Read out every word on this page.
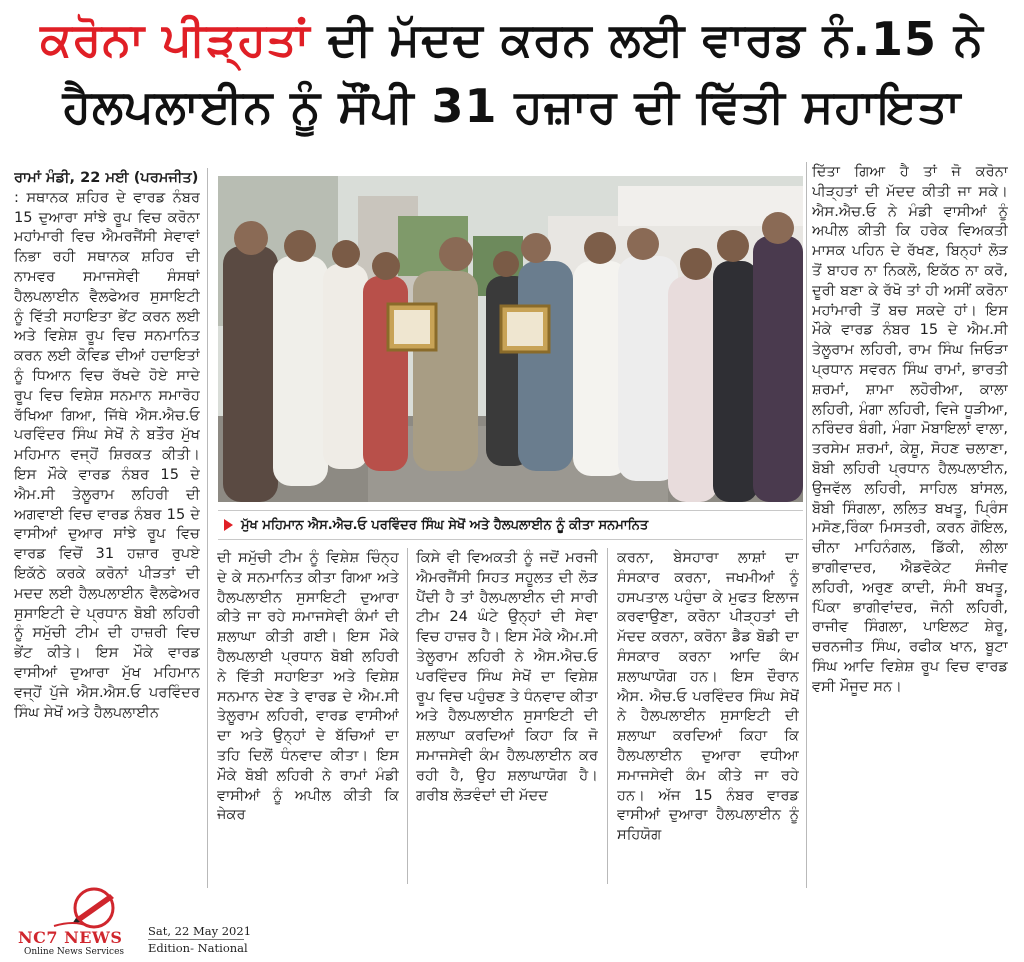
ਕਰੋਨਾ ਪੀੜ੍ਹਤਾਂ ਦੀ ਮੱਦਦ ਕਰਨ ਲਈ ਵਾਰਡ ਨੰ.15 ਨੇ
ਹੈਲਪਲਾਈਨ ਨੂੰ ਸੌਂਪੀ 31 ਹਜ਼ਾਰ ਦੀ ਵਿੱਤੀ ਸਹਾਇਤਾ
ਰਾਮਾਂ ਮੰਡੀ, 22 ਮਈ (ਪਰਮਜੀਤ)
: ਸਥਾਨਕ ਸ਼ਹਿਰ ਦੇ ਵਾਰਡ ਨੰਬਰ 15 ਦੁਆਰਾ ਸਾਂਝੇ ਰੂਪ ਵਿਚ ਕਰੋਨਾ ਮਹਾਂਮਾਰੀ ਵਿਚ ਐਮਰਜੈਂਸੀ ਸੇਵਾਵਾਂ ਨਿਭਾ ਰਹੀ ਸਥਾਨਕ ਸ਼ਹਿਰ ਦੀ ਨਾਮਵਰ ਸਮਾਜਸੇਵੀ ਸੰਸਥਾਂ ਹੈਲਪਲਾਈਨ ਵੈਲਫੇਅਰ ਸੁਸਾਇਟੀ ਨੂੰ ਵਿੱਤੀ ਸਹਾਇਤਾ ਭੇਂਟ ਕਰਨ ਲਈ ਅਤੇ ਵਿਸ਼ੇਸ਼ ਰੂਪ ਵਿਚ ਸਨਮਾਨਿਤ ਕਰਨ ਲਈ ਕੋਵਿਡ ਦੀਆਂ ਹਦਾਇਤਾਂ ਨੂੰ ਧਿਆਨ ਵਿਚ ਰੱਖਦੇ ਹੋਏ ਸਾਦੇ ਰੂਪ ਵਿਚ ਵਿਸ਼ੇਸ਼ ਸਨਮਾਨ ਸਮਾਰੋਹ ਰੱਖਿਆ ਗਿਆ, ਜਿੱਥੇ ਐਸ.ਐਚ.ਓ ਪਰਵਿੰਦਰ ਸਿੰਘ ਸੇਖੋਂ ਨੇ ਬਤੌਰ ਮੁੱਖ ਮਹਿਮਾਨ ਵਜ੍ਹੋਂ ਸ਼ਿਰਕਤ ਕੀਤੀ। ਇਸ ਮੌਕੇ ਵਾਰਡ ਨੰਬਰ 15 ਦੇ ਐਮ.ਸੀ ਤੇਲੂਰਾਮ ਲਹਿਰੀ ਦੀ ਅਗਵਾਈ ਵਿਚ ਵਾਰਡ ਨੰਬਰ 15 ਦੇ ਵਾਸੀਆਂ ਦੁਆਰ ਸਾਂਝੇ ਰੂਪ ਵਿਚ ਵਾਰਡ ਵਿਚੋਂ 31 ਹਜ਼ਾਰ ਰੁਪਏ ਇਕੱਠੇ ਕਰਕੇ ਕਰੋਨਾਂ ਪੀੜਤਾਂ ਦੀ ਮਦਦ ਲਈ ਹੈਲਪਲਾਈਨ ਵੈਲਫੇਅਰ ਸੁਸਾਇਟੀ ਦੇ ਪ੍ਰਧਾਨ ਬੋਬੀ ਲਹਿਰੀ ਨੂੰ ਸਮੁੱਚੀ ਟੀਮ ਦੀ ਹਾਜ਼ਰੀ ਵਿਚ ਭੇਂਟ ਕੀਤੇ। ਇਸ ਮੌਕੇ ਵਾਰਡ ਵਾਸੀਆਂ ਦੁਆਰਾ ਮੁੱਖ ਮਹਿਮਾਨ ਵਜ੍ਹੋਂ ਪੁੱਜੇ ਐਸ.ਐਸ.ਓ ਪਰਵਿੰਦਰ ਸਿੰਘ ਸੇਖੋਂ ਅਤੇ ਹੈਲਪਲਾਈਨ
ਮੁੱਖ ਮਹਿਮਾਨ ਐਸ.ਐਚ.ਓ ਪਰਵਿੰਦਰ ਸਿੰਘ ਸੇਖੋਂ ਅਤੇ ਹੈਲਪਲਾਈਨ ਨੂੰ ਕੀਤਾ ਸਨਮਾਨਿਤ
ਦੀ ਸਮੁੱਚੀ ਟੀਮ ਨੂੰ ਵਿਸ਼ੇਸ਼ ਚਿੰਨ੍ਹ ਦੇ ਕੇ ਸਨਮਾਨਿਤ ਕੀਤਾ ਗਿਆ ਅਤੇ ਹੈਲਪਲਾਈਨ ਸੁਸਾਇਟੀ ਦੁਆਰਾ ਕੀਤੇ ਜਾ ਰਹੇ ਸਮਾਜਸੇਵੀ ਕੰਮਾਂ ਦੀ ਸ਼ਲਾਘਾ ਕੀਤੀ ਗਈ। ਇਸ ਮੌਕੇ ਹੈਲਪਲਾਈ ਪ੍ਰਧਾਨ ਬੋਬੀ ਲਹਿਰੀ ਨੇ ਵਿੱਤੀ ਸਹਾਇਤਾ ਅਤੇ ਵਿਸ਼ੇਸ਼ ਸਨਮਾਨ ਦੇਣ ਤੇ ਵਾਰਡ ਦੇ ਐਮ.ਸੀ ਤੇਲੂਰਾਮ ਲਹਿਰੀ, ਵਾਰਡ ਵਾਸੀਆਂ ਦਾ ਅਤੇ ਉਨ੍ਹਾਂ ਦੇ ਬੱਚਿਆਂ ਦਾ ਤਹਿ ਦਿਲੋਂ ਧੰਨਵਾਦ ਕੀਤਾ। ਇਸ ਮੌਕੇ ਬੋਬੀ ਲਹਿਰੀ ਨੇ ਰਾਮਾਂ ਮੰਡੀ ਵਾਸੀਆਂ ਨੂੰ ਅਪੀਲ ਕੀਤੀ ਕਿ ਜੇਕਰ
ਕਿਸੇ ਵੀ ਵਿਅਕਤੀ ਨੂੰ ਜਦੋਂ ਮਰਜੀ ਐਮਰਜੈਂਸੀ ਸਿਹਤ ਸਹੂਲਤ ਦੀ ਲੋੜ ਪੈਂਦੀ ਹੈ ਤਾਂ ਹੈਲਪਲਾਈਨ ਦੀ ਸਾਰੀ ਟੀਮ 24 ਘੰਟੇ ਉਨ੍ਹਾਂ ਦੀ ਸੇਵਾ ਵਿਚ ਹਾਜ਼ਰ ਹੈ। ਇਸ ਮੌਕੇ ਐਮ.ਸੀ ਤੇਲੂਰਾਮ ਲਹਿਰੀ ਨੇ ਐਸ.ਐਚ.ਓ ਪਰਵਿੰਦਰ ਸਿੰਘ ਸੇਖੋਂ ਦਾ ਵਿਸ਼ੇਸ਼ ਰੂਪ ਵਿਚ ਪਹੁੰਚਣ ਤੇ ਧੰਨਵਾਦ ਕੀਤਾ ਅਤੇ ਹੈਲਪਲਾਈਨ ਸੁਸਾਇਟੀ ਦੀ ਸ਼ਲਾਘਾ ਕਰਦਿਆਂ ਕਿਹਾ ਕਿ ਜੋ ਸਮਾਜਸੇਵੀ ਕੰਮ ਹੈਲਪਲਾਈਨ ਕਰ ਰਹੀ ਹੈ, ਉਹ ਸ਼ਲਾਘਾਯੋਗ ਹੈ। ਗਰੀਬ ਲੋੜਵੰਦਾਂ ਦੀ ਮੱਦਦ
ਕਰਨਾ, ਬੇਸਹਾਰਾ ਲਾਸ਼ਾਂ ਦਾ ਸੰਸਕਾਰ ਕਰਨਾ, ਜਖਮੀਆਂ ਨੂੰ ਹਸਪਤਾਲ ਪਹੁੰਚਾ ਕੇ ਮੁਫਤ ਇਲਾਜ ਕਰਵਾਉਣਾ, ਕਰੋਨਾ ਪੀੜ੍ਹਤਾਂ ਦੀ ਮੱਦਦ ਕਰਨਾ, ਕਰੋਨਾ ਡੈਡ ਬੋਡੀ ਦਾ ਸੰਸਕਾਰ ਕਰਨਾ ਆਦਿ ਕੰਮ ਸ਼ਲਾਘਾਯੋਗ ਹਨ। ਇਸ ਦੌਰਾਨ ਐਸ. ਐਚ.ਓ ਪਰਵਿੰਦਰ ਸਿੰਘ ਸੇਖੋਂ ਨੇ ਹੈਲਪਲਾਈਨ ਸੁਸਾਇਟੀ ਦੀ ਸ਼ਲਾਘਾ ਕਰਦਿਆਂ ਕਿਹਾ ਕਿ ਹੈਲਪਲਾਈਨ ਦੁਆਰਾ ਵਧੀਆ ਸਮਾਜਸੇਵੀ ਕੰਮ ਕੀਤੇ ਜਾ ਰਹੇ ਹਨ। ਅੱਜ 15 ਨੰਬਰ ਵਾਰਡ ਵਾਸੀਆਂ ਦੁਆਰਾ ਹੈਲਪਲਾਈਨ ਨੂੰ ਸਹਿਯੋਗ
ਦਿੱਤਾ ਗਿਆ ਹੈ ਤਾਂ ਜੋ ਕਰੋਨਾ ਪੀੜ੍ਹਤਾਂ ਦੀ ਮੱਦਦ ਕੀਤੀ ਜਾ ਸਕੇ। ਐਸ.ਐਚ.ਓ ਨੇ ਮੰਡੀ ਵਾਸੀਆਂ ਨੂੰ ਅਪੀਲ ਕੀਤੀ ਕਿ ਹਰੇਕ ਵਿਅਕਤੀ ਮਾਸਕ ਪਹਿਨ ਦੇ ਰੱਖਣ, ਬਿਨ੍ਹਾਂ ਲੋੜ ਤੋਂ ਬਾਹਰ ਨਾ ਨਿਕਲੋ, ਇਕੱਠ ਨਾ ਕਰੋ, ਦੂਰੀ ਬਣਾ ਕੇ ਰੱਖੋ ਤਾਂ ਹੀ ਅਸੀਂ ਕਰੋਨਾ ਮਹਾਂਮਾਰੀ ਤੋਂ ਬਚ ਸਕਦੇ ਹਾਂ। ਇਸ ਮੌਕੇ ਵਾਰਡ ਨੰਬਰ 15 ਦੇ ਐਮ.ਸੀ ਤੇਲੂਰਾਮ ਲਹਿਰੀ, ਰਾਮ ਸਿੰਘ ਜਿਓੜਾ ਪ੍ਰਧਾਨ ਸਵਰਨ ਸਿੰਘ ਰਾਮਾਂ, ਭਾਰਤੀ ਸ਼ਰਮਾਂ, ਸ਼ਾਮਾ ਲਹੋਰੀਆ, ਕਾਲਾ ਲਹਿਰੀ, ਮੰਗਾ ਲਹਿਰੀ, ਵਿਜੇ ਧੂੜੀਆ, ਨਰਿੰਦਰ ਬੰਗੀ, ਮੰਗਾ ਮੋਬਾਇਲਾਂ ਵਾਲਾ, ਤਰਸੇਮ ਸ਼ਰਮਾਂ, ਕੇਸ਼ੂ, ਸੋਹਣ ਚਲਾਣਾ, ਬੋਬੀ ਲਹਿਰੀ ਪ੍ਰਧਾਨ ਹੈਲਪਲਾਈਨ, ਉਜਵੱਲ ਲਹਿਰੀ, ਸਾਹਿਲ ਬਾਂਸਲ, ਬੋਬੀ ਸਿੰਗਲਾ, ਲਲਿਤ ਬਖਤੂ, ਪ੍ਰਿੰਸ ਮਸੋਣ,ਰਿੰਕਾ ਮਿਸਤਰੀ, ਕਰਨ ਗੋਇਲ, ਚੀਨਾ ਮਾਹਿਨੰਗਲ, ਡਿੱਕੀ, ਲੀਲਾ ਭਾਗੀਵਾਦਰ, ਐਡਵੋਕੇਟ ਸੰਜੀਵ ਲਹਿਰੀ, ਅਰੁਣ ਕਾਦੀ, ਸੰਮੀ ਬਖਤੂ, ਪਿੰਕਾ ਭਾਗੀਵਾਂਦਰ, ਜੋਨੀ ਲਹਿਰੀ, ਰਾਜੀਵ ਸਿੰਗਲਾ, ਪਾਇਲਟ ਸ਼ੇਰੂ, ਚਰਨਜੀਤ ਸਿੰਘ, ਰਫੀਕ ਖਾਨ, ਬੂਟਾ ਸਿੰਘ ਆਦਿ ਵਿਸ਼ੇਸ਼ ਰੂਪ ਵਿਚ ਵਾਰਡ ਵਸੀ ਮੌਜੂਦ ਸਨ।
NC7 NEWS
Online News Services
Sat, 22 May 2021
Edition- National
